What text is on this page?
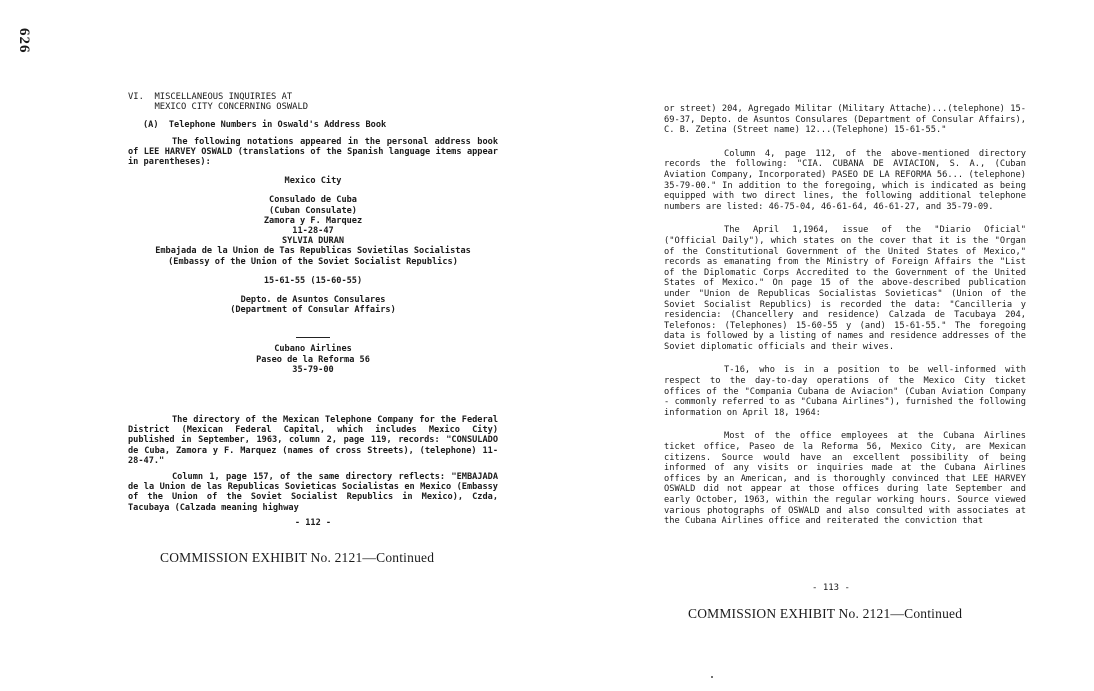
626
VI.  MISCELLANEOUS INQUIRIES AT
MEXICO CITY CONCERNING OSWALD
(A)  Telephone Numbers in Oswald's Address Book

The following notations appeared in the personal address book of LEE HARVEY OSWALD (translations of the Spanish language items appear in parentheses):

Mexico City
Consulado de Cuba
(Cuban Consulate)
Zamora y F. Marquez
11-28-47
SYLVIA DURAN
Embajada de la Union de Tas Republicas Sovietilas Socialistas
(Embassy of the Union of the Soviet Socialist Republics)
15-61-55 (15-60-55)
Depto. de Asuntos Consulares
(Department of Consular Affairs)
Cubano Airlines
Paseo de la Reforma 56
35-79-00

The directory of the Mexican Telephone Company for the Federal District (Mexican Federal Capital, which includes Mexico City) published in September, 1963, column 2, page 119, records: "CONSULADO de Cuba, Zamora y F. Marquez (names of cross Streets), (telephone) 11-28-47."

Column 1, page 157, of the same directory reflects: "EMBAJADA de la Union de las Republicas Sovieticas Socialistas en Mexico (Embassy of the Union of the Soviet Socialist Republics in Mexico), Czda, Tacubaya (Calzada meaning highway

- 112 -
COMMISSION EXHIBIT No. 2121—Continued

or street) 204, Agregado Militar (Military Attache)...(telephone) 15-69-37, Depto. de Asuntos Consulares (Department of Consular Affairs), C. B. Zetina (Street name) 12...(Telephone) 15-61-55."

Column 4, page 112, of the above-mentioned directory records the following: "CIA. CUBANA DE AVIACION, S. A., (Cuban Aviation Company, Incorporated) PASEO DE LA REFORMA 56... (telephone) 35-79-00." In addition to the foregoing, which is indicated as being equipped with two direct lines, the following additional telephone numbers are listed: 46-75-04, 46-61-64, 46-61-27, and 35-79-09.

The April 1,1964, issue of the "Diario Oficial" ("Official Daily"), which states on the cover that it is the "Organ of the Constitutional Government of the United States of Mexico," records as emanating from the Ministry of Foreign Affairs the "List of the Diplomatic Corps Accredited to the Government of the United States of Mexico." On page 15 of the above-described publication under "Union de Republicas Socialistas Sovieticas" (Union of the Soviet Socialist Republics) is recorded the data: "Cancilleria y residencia: (Chancellery and residence) Calzada de Tacubaya 204, Telefonos: (Telephones) 15-60-55 y (and) 15-61-55." The foregoing data is followed by a listing of names and residence addresses of the Soviet diplomatic officials and their wives.

T-16, who is in a position to be well-informed with respect to the day-to-day operations of the Mexico City ticket offices of the "Compania Cubana de Aviacion" (Cuban Aviation Company - commonly referred to as "Cubana Airlines"), furnished the following information on April 18, 1964:

Most of the office employees at the Cubana Airlines ticket office, Paseo de la Reforma 56, Mexico City, are Mexican citizens. Source would have an excellent possibility of being informed of any visits or inquiries made at the Cubana Airlines offices by an American, and is thoroughly convinced that LEE HARVEY OSWALD did not appear at those offices during late September and early October, 1963, within the regular working hours. Source viewed various photographs of OSWALD and also consulted with associates at the Cubana Airlines office and reiterated the conviction that

- 113 -
COMMISSION EXHIBIT No. 2121—Continued
